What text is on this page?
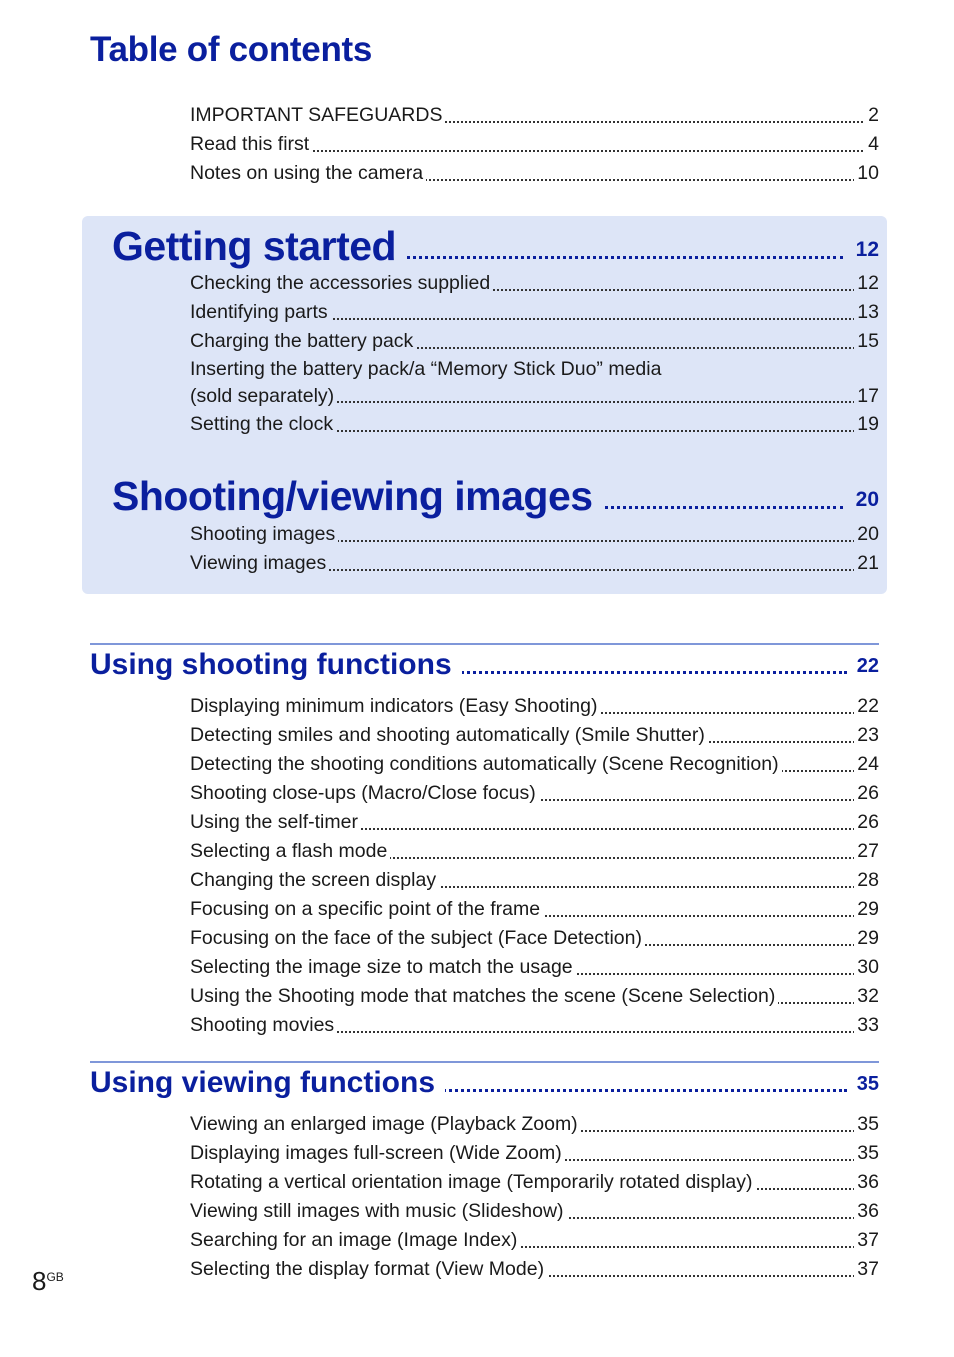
Table of contents
IMPORTANT SAFEGUARDS	2
Read this first	4
Notes on using the camera	10
Getting started	12
Checking the accessories supplied	12
Identifying parts	13
Charging the battery pack	15
Inserting the battery pack/a “Memory Stick Duo” media
(sold separately)	17
Setting the clock	19
Shooting/viewing images	20
Shooting images	20
Viewing images	21
Using shooting functions	22
Displaying minimum indicators (Easy Shooting)	22
Detecting smiles and shooting automatically (Smile Shutter)	23
Detecting the shooting conditions automatically (Scene Recognition)	24
Shooting close-ups (Macro/Close focus)	26
Using the self-timer	26
Selecting a flash mode	27
Changing the screen display	28
Focusing on a specific point of the frame	29
Focusing on the face of the subject (Face Detection)	29
Selecting the image size to match the usage	30
Using the Shooting mode that matches the scene (Scene Selection)	32
Shooting movies	33
Using viewing functions	35
Viewing an enlarged image (Playback Zoom)	35
Displaying images full-screen (Wide Zoom)	35
Rotating a vertical orientation image (Temporarily rotated display)	36
Viewing still images with music (Slideshow)	36
Searching for an image (Image Index)	37
Selecting the display format (View Mode)	37
$8^{GB}$
